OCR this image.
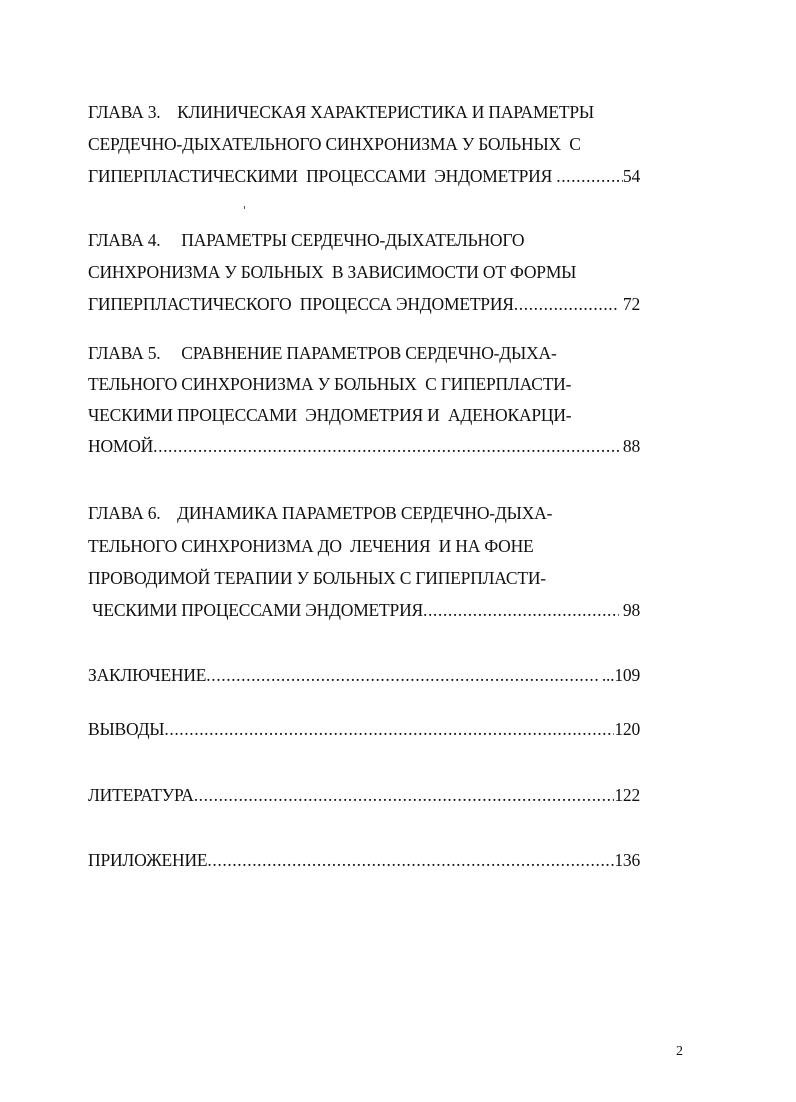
ГЛАВА 3.    КЛИНИЧЕСКАЯ ХАРАКТЕРИСТИКА И ПАРАМЕТРЫ
СЕРДЕЧНО-ДЫХАТЕЛЬНОГО СИНХРОНИЗМА У БОЛЬНЫХ  С
ГИПЕРПЛАСТИЧЕСКИМИ  ПРОЦЕССАМИ  ЭНДОМЕТРИЯ .....	54
ГЛАВА 4.     ПАРАМЕТРЫ СЕРДЕЧНО-ДЫХАТЕЛЬНОГО
СИНХРОНИЗМА У БОЛЬНЫХ  В ЗАВИСИМОСТИ ОТ ФОРМЫ
ГИПЕРПЛАСТИЧЕСКОГО  ПРОЦЕССА ЭНДОМЕТРИЯ .....	72
ГЛАВА 5.     СРАВНЕНИЕ ПАРАМЕТРОВ СЕРДЕЧНО-ДЫХА-
ТЕЛЬНОГО СИНХРОНИЗМА У БОЛЬНЫХ  С ГИПЕРПЛАСТИ-
ЧЕСКИМИ ПРОЦЕССАМИ  ЭНДОМЕТРИЯ И  АДЕНОКАРЦИ-
НОМОЙ .....	88
ГЛАВА 6.    ДИНАМИКА ПАРАМЕТРОВ СЕРДЕЧНО-ДЫХА-
ТЕЛЬНОГО СИНХРОНИЗМА ДО  ЛЕЧЕНИЯ  И НА ФОНЕ
ПРОВОДИМОЙ ТЕРАПИИ У БОЛЬНЫХ С ГИПЕРПЛАСТИ-
ЧЕСКИМИ ПРОЦЕССАМИ ЭНДОМЕТРИЯ .....	98
ЗАКЛЮЧЕНИЕ .....	...109
ВЫВОДЫ .....	120
ЛИТЕРАТУРА .....	122
ПРИЛОЖЕНИЕ .....	136
2
